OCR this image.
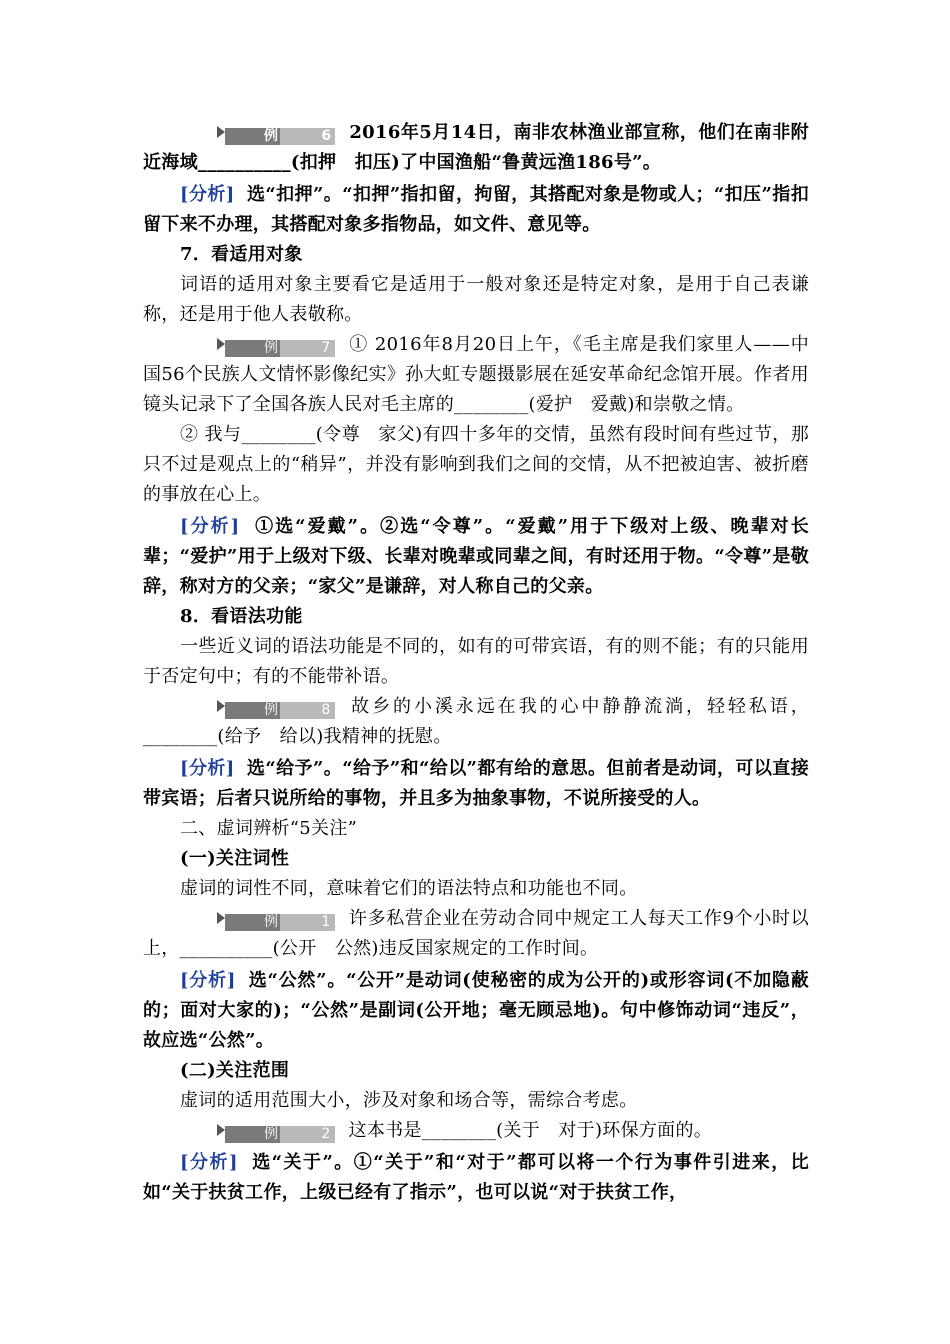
例	6 2016年5月14日，南非农林渔业部宣称，他们在南非附近海域__________(扣押　扣压)了中国渔船“鲁黄远渔186号”。

[分析] 选“扣押”。“扣押”指扣留，拘留，其搭配对象是物或人；“扣压”指扣留下来不办理，其搭配对象多指物品，如文件、意见等。

7．看适用对象

词语的适用对象主要看它是适用于一般对象还是特定对象，是用于自己表谦称，还是用于他人表敬称。

例	7 ① 2016年8月20日上午，《毛主席是我们家里人——中国56个民族人文情怀影像纪实》孙大虹专题摄影展在延安革命纪念馆开展。作者用镜头记录下了全国各族人民对毛主席的________(爱护　爱戴)和崇敬之情。

② 我与________(令尊　家父)有四十多年的交情，虽然有段时间有些过节，那只不过是观点上的“稍异”，并没有影响到我们之间的交情，从不把被迫害、被折磨的事放在心上。

[分析] ①选“爱戴”。②选“令尊”。“爱戴”用于下级对上级、晚辈对长辈；“爱护”用于上级对下级、长辈对晚辈或同辈之间，有时还用于物。“令尊”是敬辞，称对方的父亲；“家父”是谦辞，对人称自己的父亲。

8．看语法功能

一些近义词的语法功能是不同的，如有的可带宾语，有的则不能；有的只能用于否定句中；有的不能带补语。

例	8 故乡的小溪永远在我的心中静静流淌，轻轻私语，________(给予　给以)我精神的抚慰。

[分析] 选“给予”。“给予”和“给以”都有给的意思。但前者是动词，可以直接带宾语；后者只说所给的事物，并且多为抽象事物，不说所接受的人。

二、虚词辨析“5关注”

(一)关注词性

虚词的词性不同，意味着它们的语法特点和功能也不同。

例	1 许多私营企业在劳动合同中规定工人每天工作9个小时以上，__________(公开　公然)违反国家规定的工作时间。

[分析] 选“公然”。“公开”是动词(使秘密的成为公开的)或形容词(不加隐蔽的；面对大家的)；“公然”是副词(公开地；毫无顾忌地)。句中修饰动词“违反”，故应选“公然”。

(二)关注范围

虚词的适用范围大小，涉及对象和场合等，需综合考虑。

例	2 这本书是________(关于　对于)环保方面的。

[分析] 选“关于”。①“关于”和“对于”都可以将一个行为事件引进来，比如“关于扶贫工作，上级已经有了指示”，也可以说“对于扶贫工作，
